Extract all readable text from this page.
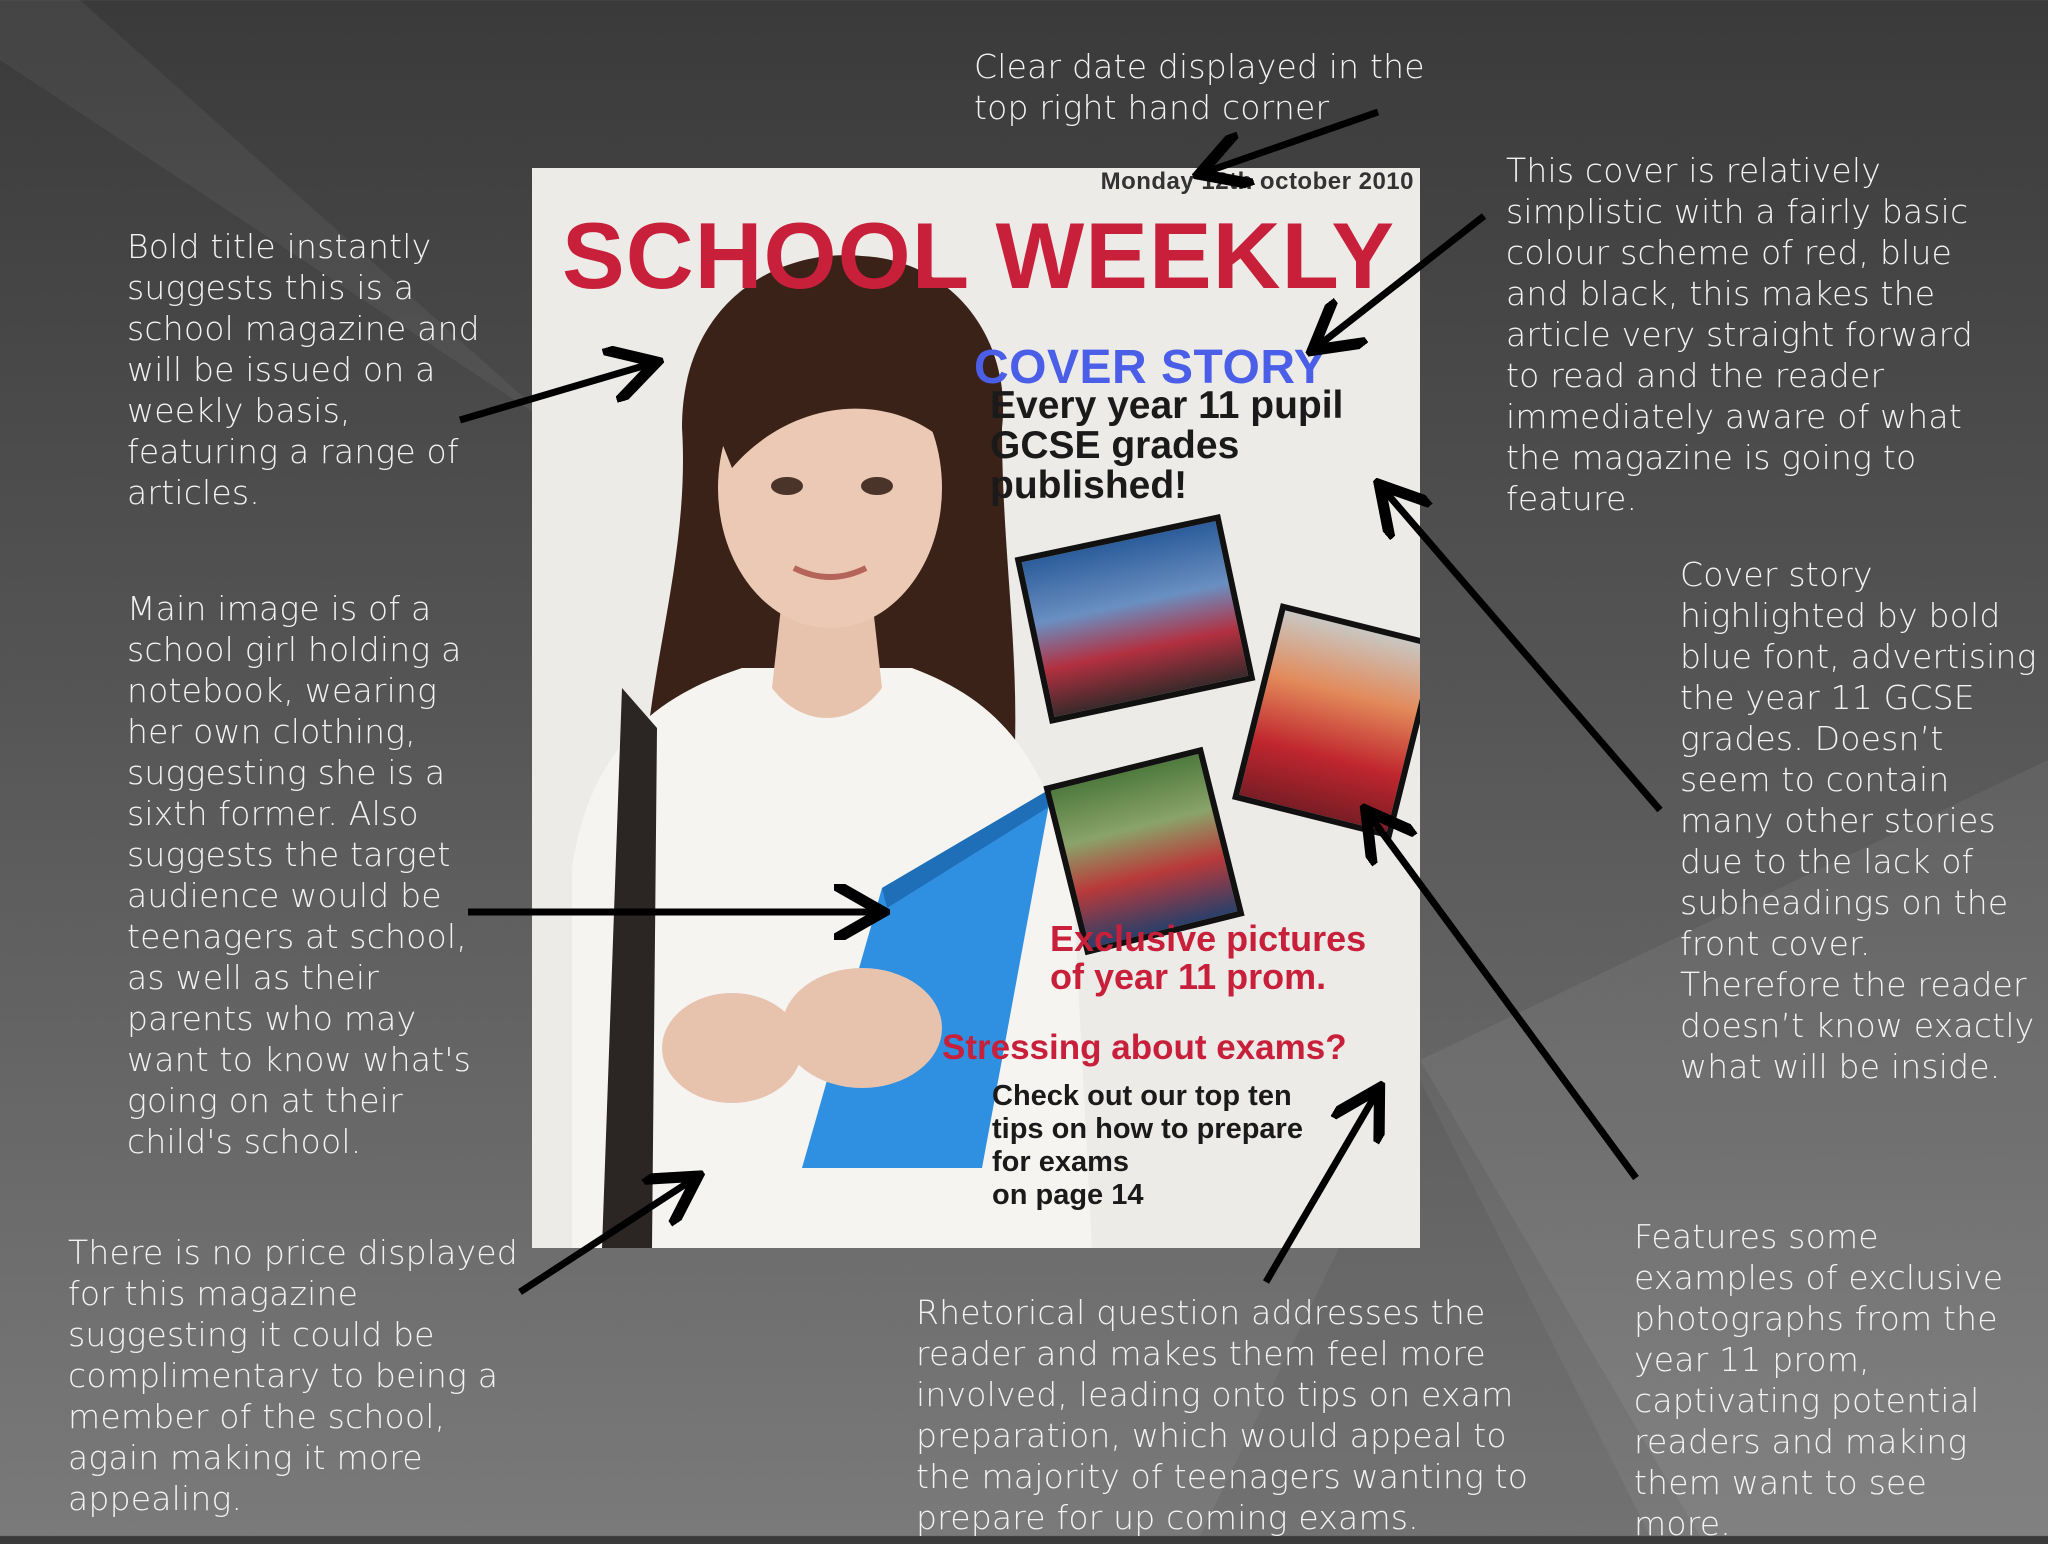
Monday 12th october 2010
SCHOOL WEEKLY
COVER STORY
Every year 11 pupil
GCSE grades
published!
Exclusive pictures
of year 11 prom.
Stressing about exams?
Check out our top ten
tips on how to prepare
for exams
on page 14
Clear date displayed in the top right hand corner
Bold title instantly suggests this is a school magazine and will be issued on a weekly basis, featuring a range of articles.
This cover is relatively simplistic with a fairly basic colour scheme of red, blue and black, this makes the article very straight forward to read and the reader immediately aware of what the magazine is going to feature.
Main image is of a school girl holding a notebook, wearing her own clothing, suggesting she is a sixth former. Also suggests the target audience would be teenagers at school, as well as their parents who may want to know what's going on at their child's school.
Cover story highlighted by bold blue font, advertising the year 11 GCSE grades. Doesn’t seem to contain many other stories due to the lack of subheadings on the front cover. Therefore the reader doesn’t know exactly what will be inside.
There is no price displayed for this magazine suggesting it could be complimentary to being a member of the school, again making it more appealing.
Rhetorical question addresses the reader and makes them feel more involved, leading onto tips on exam preparation, which would appeal to the majority of teenagers wanting to prepare for up coming exams.
Features some examples of exclusive photographs from the year 11 prom, captivating potential readers and making them want to see more.
